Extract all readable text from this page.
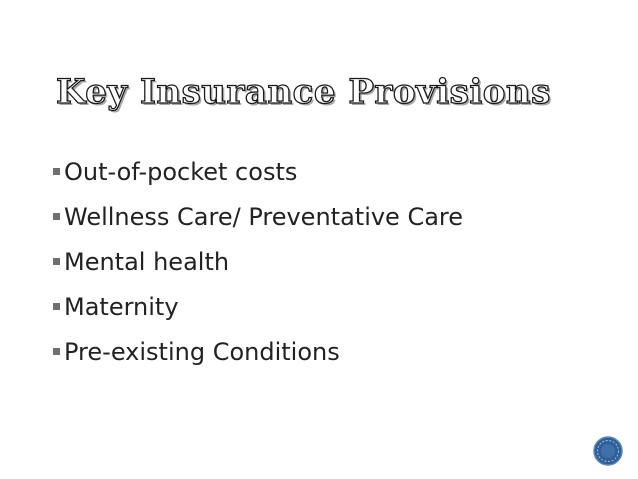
Key Insurance Provisions
Out-of-pocket costs
Wellness Care/ Preventative Care
Mental health
Maternity
Pre-existing Conditions
